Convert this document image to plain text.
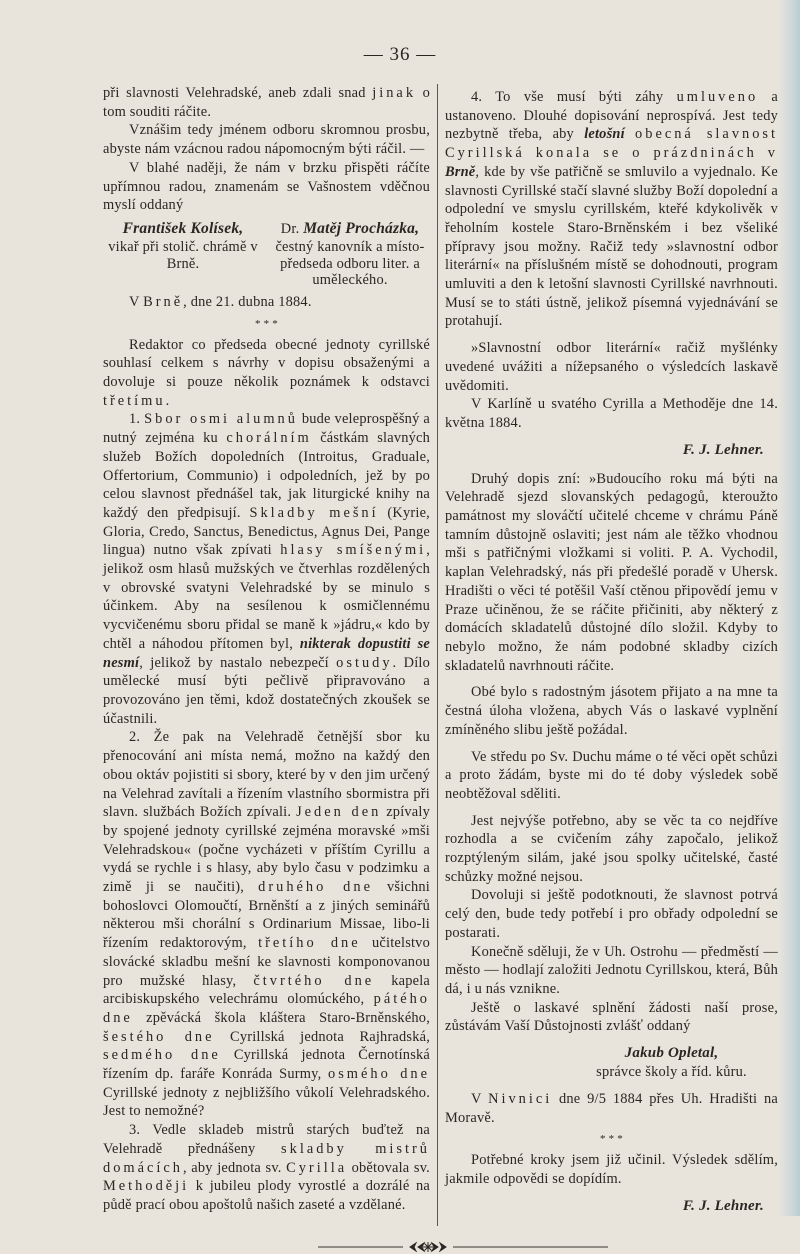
— 36 —

při slavnosti Velehradské, aneb zdali snad jinak o tom souditi ráčite.

Vznášim tedy jménem odboru skromnou prosbu, abyste nám vzácnou radou nápomocným býti ráčil. —

V blahé naději, že nám v brzku přispěti ráčíte upřímnou radou, znamenám se Vašnostem vděčnou myslí oddaný

František Kolísek,
vikař při stolič. chrámě v Brně.
Dr. Matěj Procházka,
čestný kanovník a místo-předseda odboru liter. a uměleckého.

V Brně, dne 21. dubna 1884.

* * *

Redaktor co předseda obecné jednoty cyrillské souhlasí celkem s návrhy v dopisu obsaženými a dovoluje si pouze několik poznámek k odstavci třetímu.

1. Sbor osmi alumnů bude veleprospěšný a nutný zejména ku chorálním částkám slavných služeb Božích dopoledních (Introitus, Graduale, Offertorium, Communio) i odpoledních, jež by po celou slavnost přednášel tak, jak liturgické knihy na každý den předpisují. Skladby mešní (Kyrie, Gloria, Credo, Sanctus, Benedictus, Agnus Dei, Pange lingua) nutno však zpívati hlasy smíšenými, jelikož osm hlasů mužských ve čtverhlas rozdělených v obrovské svatyni Velehradské by se minulo s účinkem. Aby na sesílenou k osmičlennému vycvičenému sboru přidal se maně k »jádru,« kdo by chtěl a náhodou přítomen byl, nikterak dopustiti se nesmí, jelikož by nastalo nebezpečí ostudy. Dílo umělecké musí býti pečlivě připravováno a provozováno jen těmi, kdož dostatečných zkoušek se účastnili.

2. Že pak na Velehradě četnější sbor ku přenocování ani místa nemá, možno na každý den obou oktáv pojistiti si sbory, které by v den jim určený na Velehrad zavítali a řízením vlastního sbormistra při slavn. službách Božích zpívali. Jeden den zpívaly by spojené jednoty cyrillské zejména moravské »mši Velehradskou« (počne vycházeti v příštím Cyrillu a vydá se rychle i s hlasy, aby bylo času v podzimku a zimě ji se naučiti), druhého dne všichni bohoslovci Olomoučtí, Brněnští a z jiných seminářů některou mši chorální s Ordinarium Missae, libo-li řízením redaktorovým, třetího dne učitelstvo slovácké skladbu mešní ke slavnosti komponovanou pro mužské hlasy, čtvrtého dne kapela arcibiskupského velechrámu olomúckého, pátého dne zpěvácká škola kláštera Staro-Brněnského, šestého dne Cyrillská jednota Rajhradská, sedmého dne Cyrillská jednota Černotínská řízením dp. faráře Konráda Surmy, osmého dne Cyrillské jednoty z nejbližšího vůkolí Velehradského. Jest to nemožné?

3. Vedle skladeb mistrů starých buďtež na Velehradě přednášeny skladby mistrů domácích, aby jednota sv. Cyrilla obětovala sv. Methoději k jubileu plody vyrostlé a dozrálé na půdě prací obou apoštolů našich zaseté a vzdělané.

4. To vše musí býti záhy umluveno a ustanoveno. Dlouhé dopisování neprospívá. Jest tedy nezbytně třeba, aby letošní obecná slavnost Cyrillská konala se o prázdninách v Brně, kde by vše patřičně se smluvilo a vyjednalo. Ke slavnosti Cyrillské stačí slavné služby Boží dopolední a odpolední ve smyslu cyrillském, kteřé kdykolivěk v řeholním kostele Staro-Brněnském i bez všeliké přípravy jsou možny. Račiž tedy »slavnostní odbor literární« na příslušném místě se dohodnouti, program umluviti a den k letošní slavnosti Cyrillské navrhnouti. Musí se to státi ústně, jelikož písemná vyjednávání se protahují.

»Slavnostní odbor literární« račiž myšlénky uvedené uvážiti a nížepsaného o výsledcích laskavě uvědomiti.

V Karlíně u svatého Cyrilla a Methoděje dne 14. května 1884.

F. J. Lehner.

Druhý dopis zní: »Budoucího roku má býti na Velehradě sjezd slovanských pedagogů, kteroužto památnost my slováčtí učitelé chceme v chrámu Páně tamním důstojně oslaviti; jest nám ale těžko vhodnou mši s patřičnými vložkami si voliti. P. A. Vychodil, kaplan Velehradský, nás při předešlé poradě v Uhersk. Hradišti o věci té potěšil Vaší ctěnou připovědí jemu v Praze učiněnou, že se ráčite přičiniti, aby některý z domácích skladatelů důstojné dílo složil. Kdyby to nebylo možno, že nám podobné skladby cizích skladatelů navrhnouti ráčite.

Obé bylo s radostným jásotem přijato a na mne ta čestná úloha vložena, abych Vás o laskavé vyplnění zmíněného slibu ještě požádal.

Ve středu po Sv. Duchu máme o té věci opět schůzi a proto žádám, byste mi do té doby výsledek sobě neobtěžoval sděliti.

Jest nejvýše potřebno, aby se věc ta co nejdříve rozhodla a se cvičením záhy započalo, jelikož rozptýleným silám, jaké jsou spolky učitelské, časté schůzky možné nejsou.

Dovoluji si ještě podotknouti, že slavnost potrvá celý den, bude tedy potřebí i pro obřady odpolední se postarati.

Konečně sděluji, že v Uh. Ostrohu — předměstí — město — hodlají založiti Jednotu Cyrillskou, která, Bůh dá, i u nás vznikne.

Ještě o laskavé splnění žádosti naší prose, zůstávám Vaší Důstojnosti zvlášť oddaný

Jakub Opletal,
správce školy a říd. kůru.

V Nivnici dne 9/5 1884 přes Uh. Hradišti na Moravě.

* * *

Potřebné kroky jsem již učinil. Výsledek sdělím, jakmile odpovědi se dopídím.

F. J. Lehner.
